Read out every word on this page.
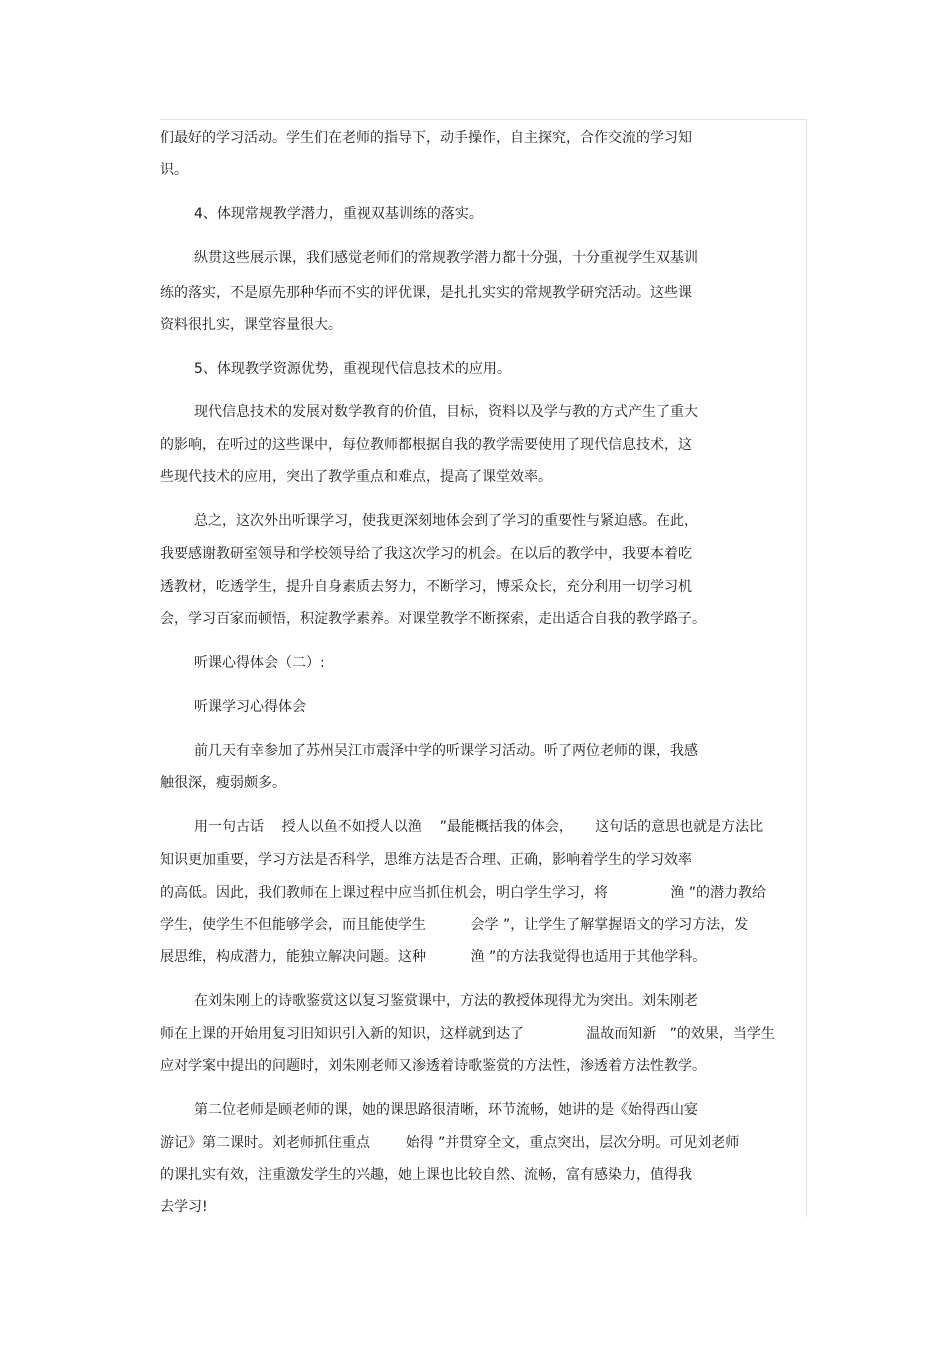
们最好的学习活动。学生们在老师的指导下，动手操作，自主探究，合作交流的学习知

识。

4、体现常规教学潜力，重视双基训练的落实。

纵贯这些展示课，我们感觉老师们的常规教学潜力都十分强，十分重视学生双基训

练的落实，不是原先那种华而不实的评优课，是扎扎实实的常规教学研究活动。这些课

资料很扎实，课堂容量很大。

5、体现教学资源优势，重视现代信息技术的应用。

现代信息技术的发展对数学教育的价值，目标，资料以及学与教的方式产生了重大

的影响，在听过的这些课中，每位教师都根据自我的教学需要使用了现代信息技术，这

些现代技术的应用，突出了教学重点和难点，提高了课堂效率。

总之，这次外出听课学习，使我更深刻地体会到了学习的重要性与紧迫感。在此，

我要感谢教研室领导和学校领导给了我这次学习的机会。在以后的教学中，我要本着吃

透教材，吃透学生，提升自身素质去努力，不断学习，博采众长，充分利用一切学习机

会，学习百家而顿悟，积淀教学素养。对课堂教学不断探索，走出适合自我的教学路子。

听课心得体会（二）:

听课学习心得体会

前几天有幸参加了苏州吴江市震泽中学的听课学习活动。听了两位老师的课，我感

触很深，瘦弱颇多。

用一句古话    授人以鱼不如授人以渔    ”最能概括我的体会，     这句话的意思也就是方法比

知识更加重要，学习方法是否科学，思维方法是否合理、正确，影响着学生的学习效率

的高低。因此，我们教师在上课过程中应当抓住机会，明白学生学习，将              渔 ”的潜力教给

学生，使学生不但能够学会，而且能使学生          会学 ”，让学生了解掌握语文的学习方法，发

展思维，构成潜力，能独立解决问题。这种          渔 ”的方法我觉得也适用于其他学科。

在刘朱刚上的诗歌鉴赏这以复习鉴赏课中，方法的教授体现得尤为突出。刘朱刚老

师在上课的开始用复习旧知识引入新的知识，这样就到达了              温故而知新   ”的效果，当学生

应对学案中提出的问题时，刘朱刚老师又渗透着诗歌鉴赏的方法性，渗透着方法性教学。

第二位老师是顾老师的课，她的课思路很清晰，环节流畅，她讲的是《始得西山宴

游记》第二课时。刘老师抓住重点        始得 ”并贯穿全文，重点突出，层次分明。可见刘老师

的课扎实有效，注重激发学生的兴趣，她上课也比较自然、流畅，富有感染力，值得我

去学习!
